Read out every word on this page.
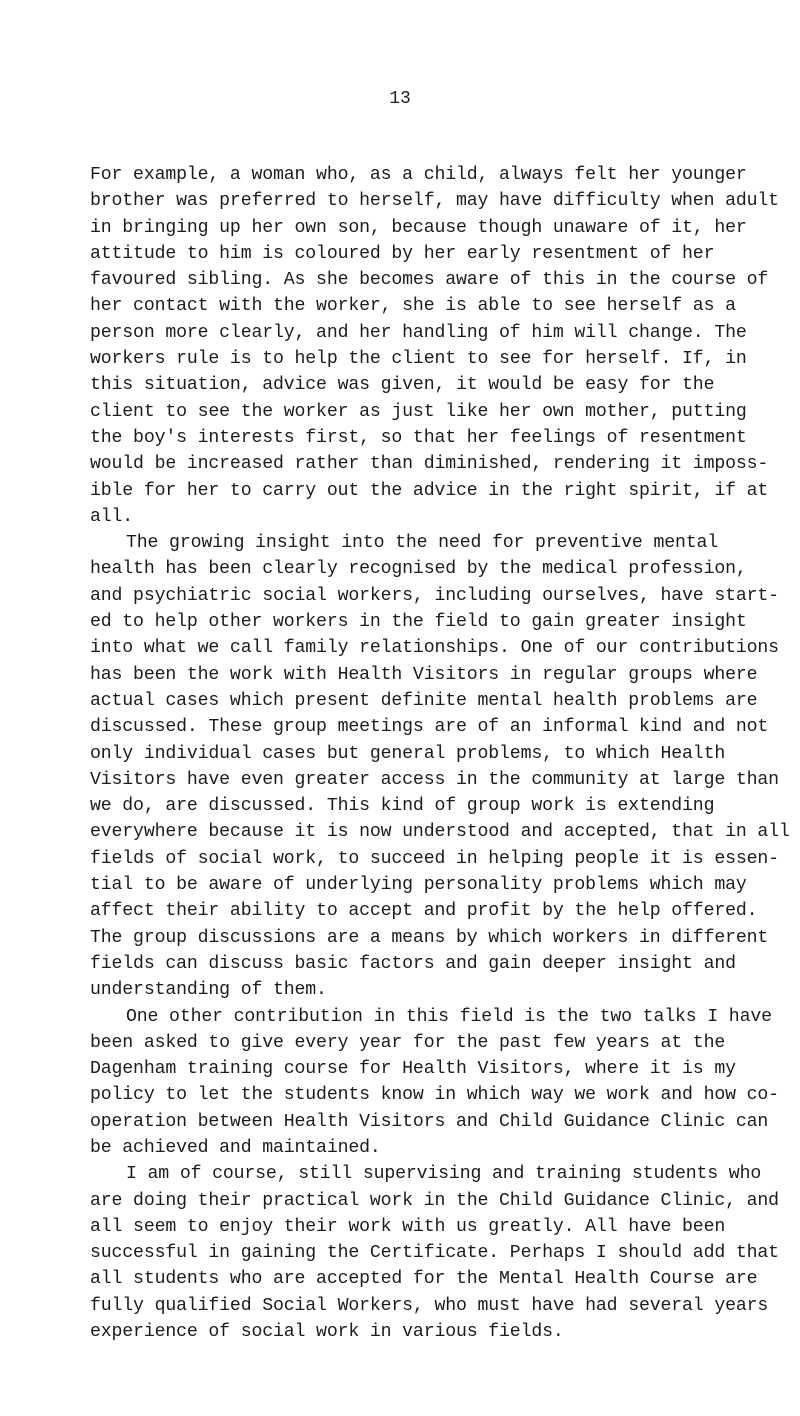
13
For example, a woman who, as a child, always felt her younger
brother was preferred to herself, may have difficulty when adult
in bringing up her own son, because though unaware of it, her
attitude to him is coloured by her early resentment of her
favoured sibling. As she becomes aware of this in the course of
her contact with the worker, she is able to see herself as a
person more clearly, and her handling of him will change. The
workers rule is to help the client to see for herself. If, in
this situation, advice was given, it would be easy for the
client to see the worker as just like her own mother, putting
the boy's interests first, so that her feelings of resentment
would be increased rather than diminished, rendering it imposs-
ible for her to carry out the advice in the right spirit, if at
all.
The growing insight into the need for preventive mental
health has been clearly recognised by the medical profession,
and psychiatric social workers, including ourselves, have start-
ed to help other workers in the field to gain greater insight
into what we call family relationships. One of our contributions
has been the work with Health Visitors in regular groups where
actual cases which present definite mental health problems are
discussed. These group meetings are of an informal kind and not
only individual cases but general problems, to which Health
Visitors have even greater access in the community at large than
we do, are discussed. This kind of group work is extending
everywhere because it is now understood and accepted, that in all
fields of social work, to succeed in helping people it is essen-
tial to be aware of underlying personality problems which may
affect their ability to accept and profit by the help offered.
The group discussions are a means by which workers in different
fields can discuss basic factors and gain deeper insight and
understanding of them.
One other contribution in this field is the two talks I have
been asked to give every year for the past few years at the
Dagenham training course for Health Visitors, where it is my
policy to let the students know in which way we work and how co-
operation between Health Visitors and Child Guidance Clinic can
be achieved and maintained.
I am of course, still supervising and training students who
are doing their practical work in the Child Guidance Clinic, and
all seem to enjoy their work with us greatly. All have been
successful in gaining the Certificate. Perhaps I should add that
all students who are accepted for the Mental Health Course are
fully qualified Social Workers, who must have had several years
experience of social work in various fields.
